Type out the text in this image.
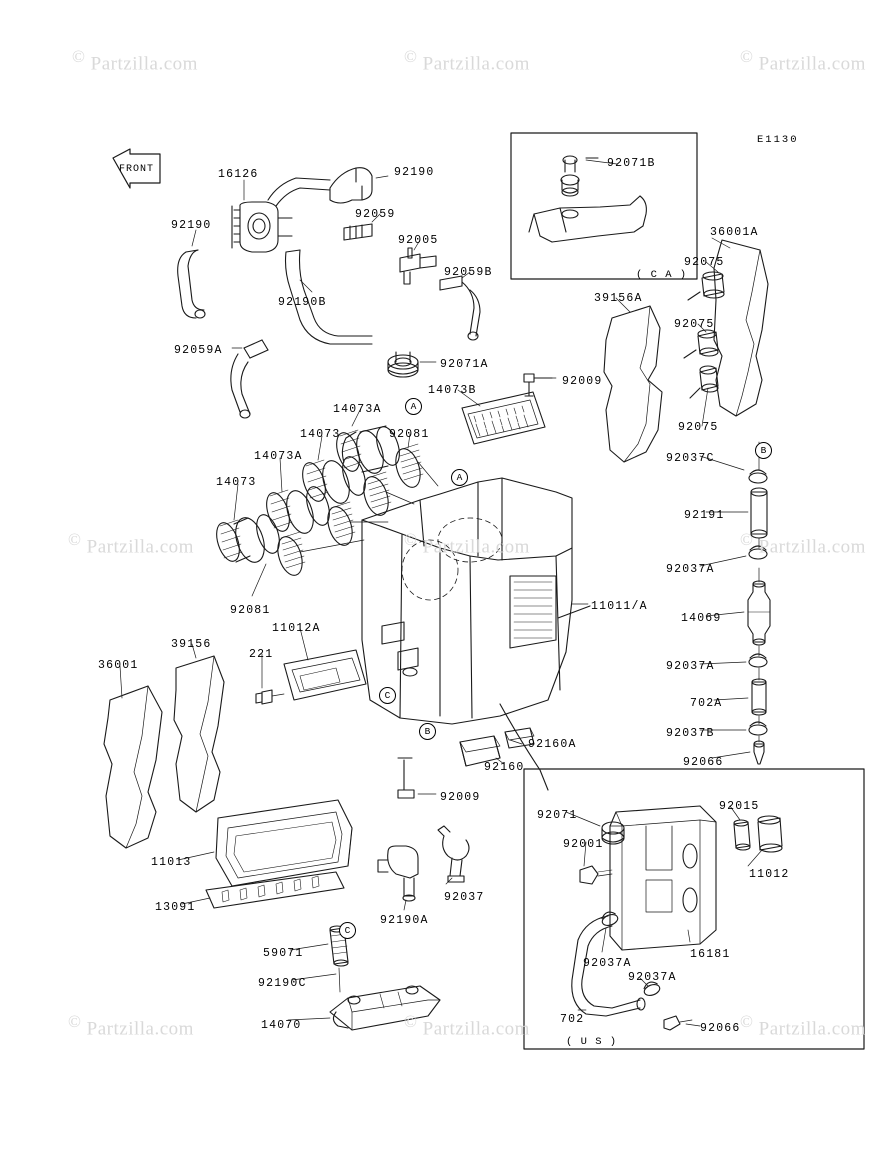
© Partzilla.com	© Partzilla.com	© Partzilla.com
© Partzilla.com	© Partzilla.com	© Partzilla.com
© Partzilla.com	© Partzilla.com	© Partzilla.com
E1130
FRONT
( C A )
( U S )
16126	92190
92190
92059
92005
92059B
92190B
92059A
92071A
14073B
92009
39156A
36001A
92075
92075
92075
14073A
14073	92081
14073A
14073
92081
11012A
11011/A
92037C
92191
92037A
14069
92037A
702A
92037B
92066
39156
36001
221
92160A
92160
92009
11013
13091
92037
92190A
59071
92190C
14070
92071
92001
92015
11012
16181
92037A
92037A
702
92066
92071B
A
A
B
C
B
C
